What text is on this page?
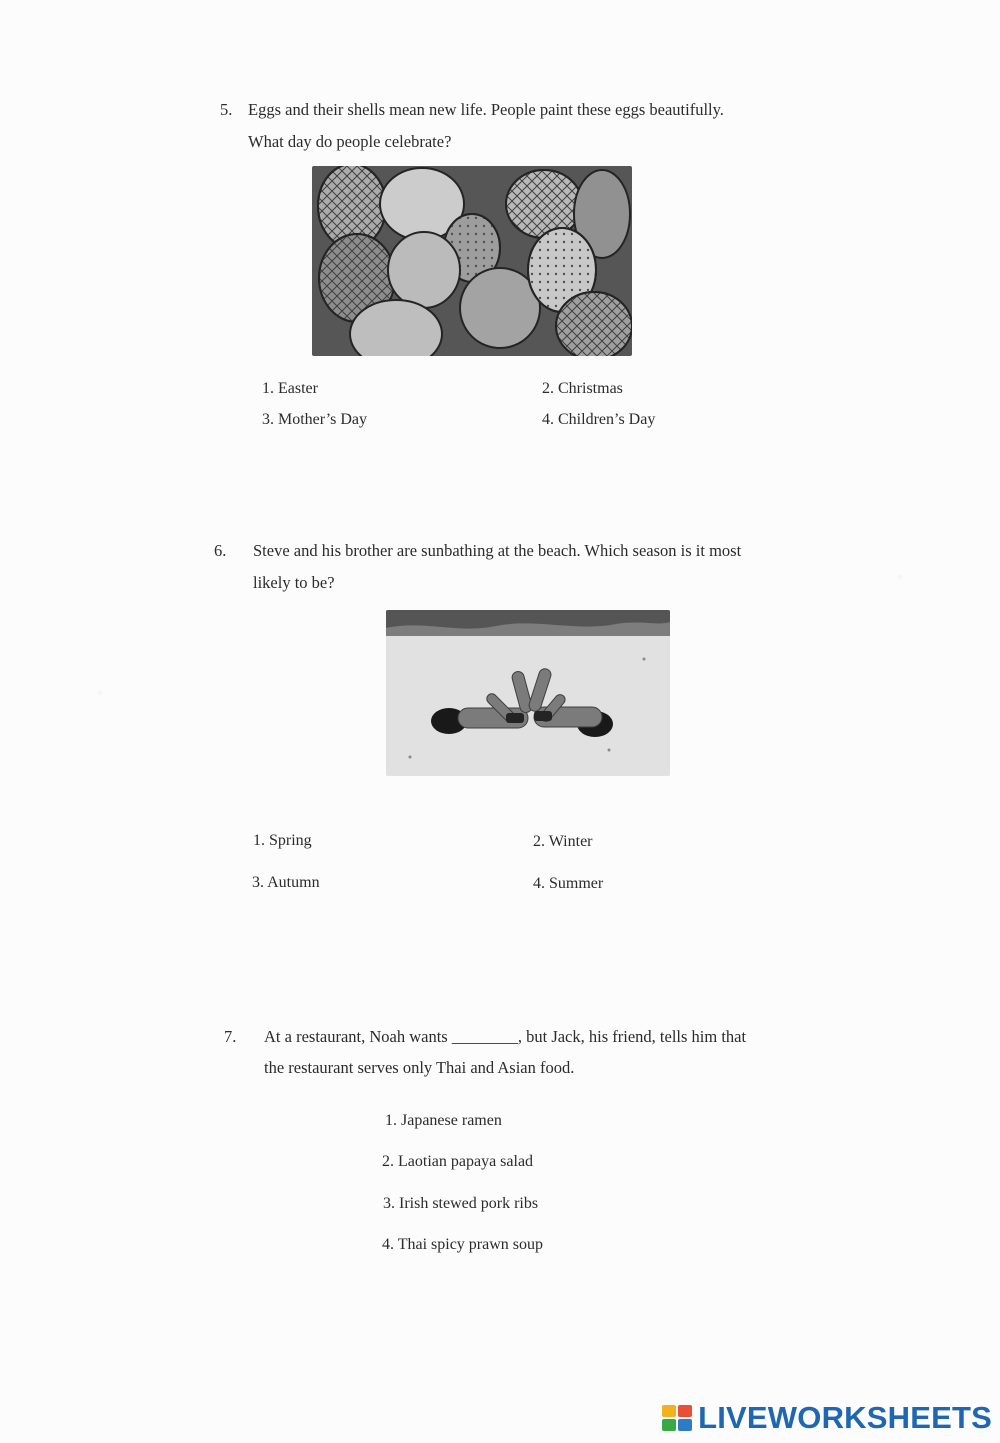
5. Eggs and their shells mean new life. People paint these eggs beautifully.
What day do people celebrate?
1. Easter	2. Christmas
3. Mother’s Day	4. Children’s Day
6. Steve and his brother are sunbathing at the beach. Which season is it most
likely to be?
1. Spring	2. Winter
3. Autumn	4. Summer
7. At a restaurant, Noah wants ________, but Jack, his friend, tells him that
the restaurant serves only Thai and Asian food.
1. Japanese ramen
2. Laotian papaya salad
3. Irish stewed pork ribs
4. Thai spicy prawn soup
LIVEWORKSHEETS
